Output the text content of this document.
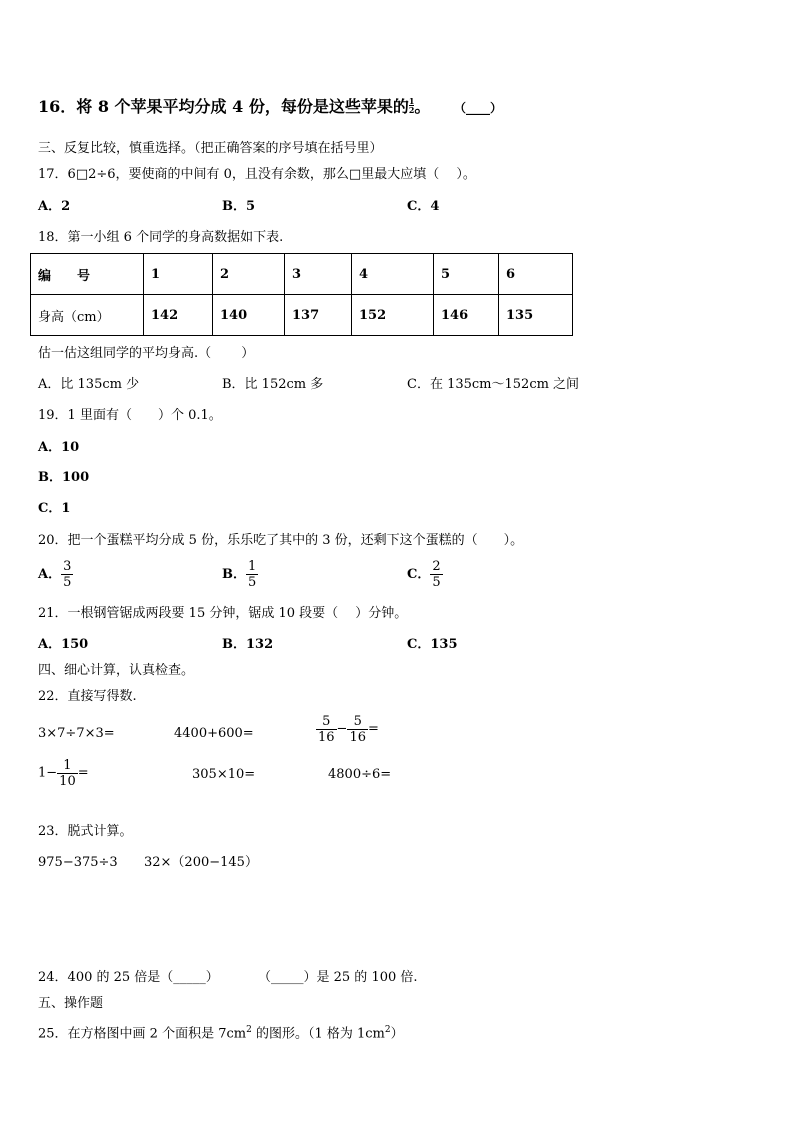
16．将 8 个苹果平均分成 4 份，每份是这些苹果的 $\frac{1}{2}$。 （____）
三、反复比较，慎重选择。（把正确答案的序号填在括号里）
17．6□2÷6，要使商的中间有 0，且没有余数，那么□里最大应填（　 ）。
A．2	B．5	C．4
18．第一小组 6 个同学的身高数据如下表.
编　　号	1	2	3	4	5	6
身高（cm）	142	140	137	152	146	135
估一估这组同学的平均身高.（　　 ）
A．比 135cm 少	B．比 152cm 多	C．在 135cm～152cm 之间
19．1 里面有（　　）个 0.1。
A．10
B．100
C．1
20．把一个蛋糕平均分成 5 份，乐乐吃了其中的 3 份，还剩下这个蛋糕的（　　）。
A． $\frac{3}{5}$	B． $\frac{1}{5}$	C． $\frac{2}{5}$
21．一根钢管锯成两段要 15 分钟，锯成 10 段要（　 ）分钟。
A．150	B．132	C．135
四、细心计算，认真检查。
22．直接写得数.
3×7÷7×3=	4400+600=	$\frac{5}{16} - \frac{5}{16}$ =
$1- \frac{1}{10}$ =	305×10=	4800÷6=
23．脱式计算。
975−375÷3 32×（200−145）
24．400 的 25 倍是（_____）	（_____）是 25 的 100 倍.
五、操作题
25．在方格图中画 2 个面积是 $7cm^2$ 的图形。（1 格为 $1cm^2$）
